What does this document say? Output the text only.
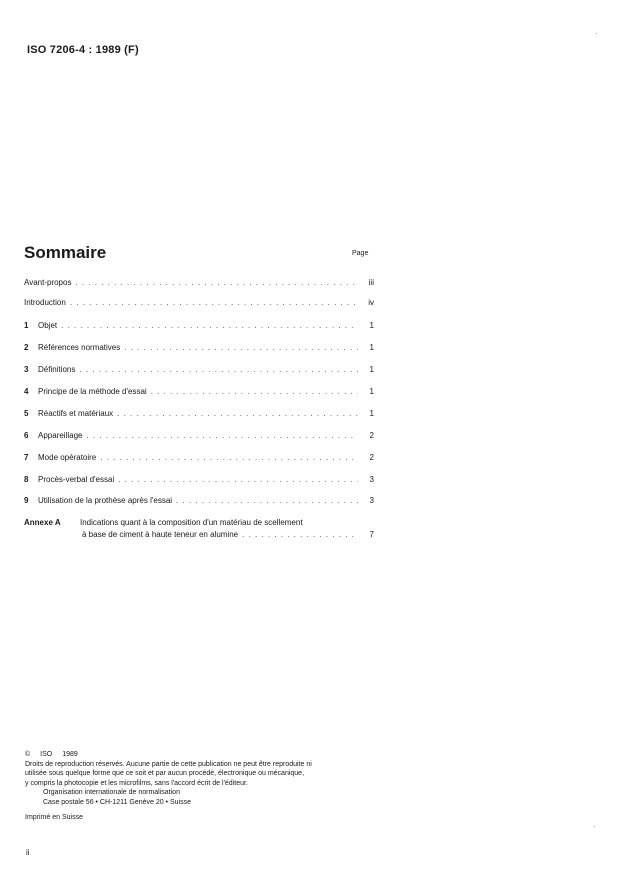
ISO 7206-4 : 1989 (F)
Sommaire	Page
Avant-propos . . .	iii
Introduction . . .	iv
1	Objet . . .	1
2	Références normatives . . .	1
3	Définitions . . .	1
4	Principe de la méthode d'essai . . .	1
5	Réactifs et matériaux . . .	1
6	Appareillage . . .	2
7	Mode opératoire . . .	2
8	Procès-verbal d'essai . . .	3
9	Utilisation de la prothèse après l'essai . . .	3
Annexe A Indications quant à la composition d'un matériau de scellement
à base de ciment à haute teneur en alumine . . .	7
© ISO 1989
Droits de reproduction réservés. Aucune partie de cette publication ne peut être reproduite ni
utilisée sous quelque forme que ce soit et par aucun procédé, électronique ou mécanique,
y compris la photocopie et les microfilms, sans l'accord écrit de l'éditeur.
Organisation internationale de normalisation
Case postale 56 • CH-1211 Genève 20 • Suisse
Imprimé en Suisse
ii
